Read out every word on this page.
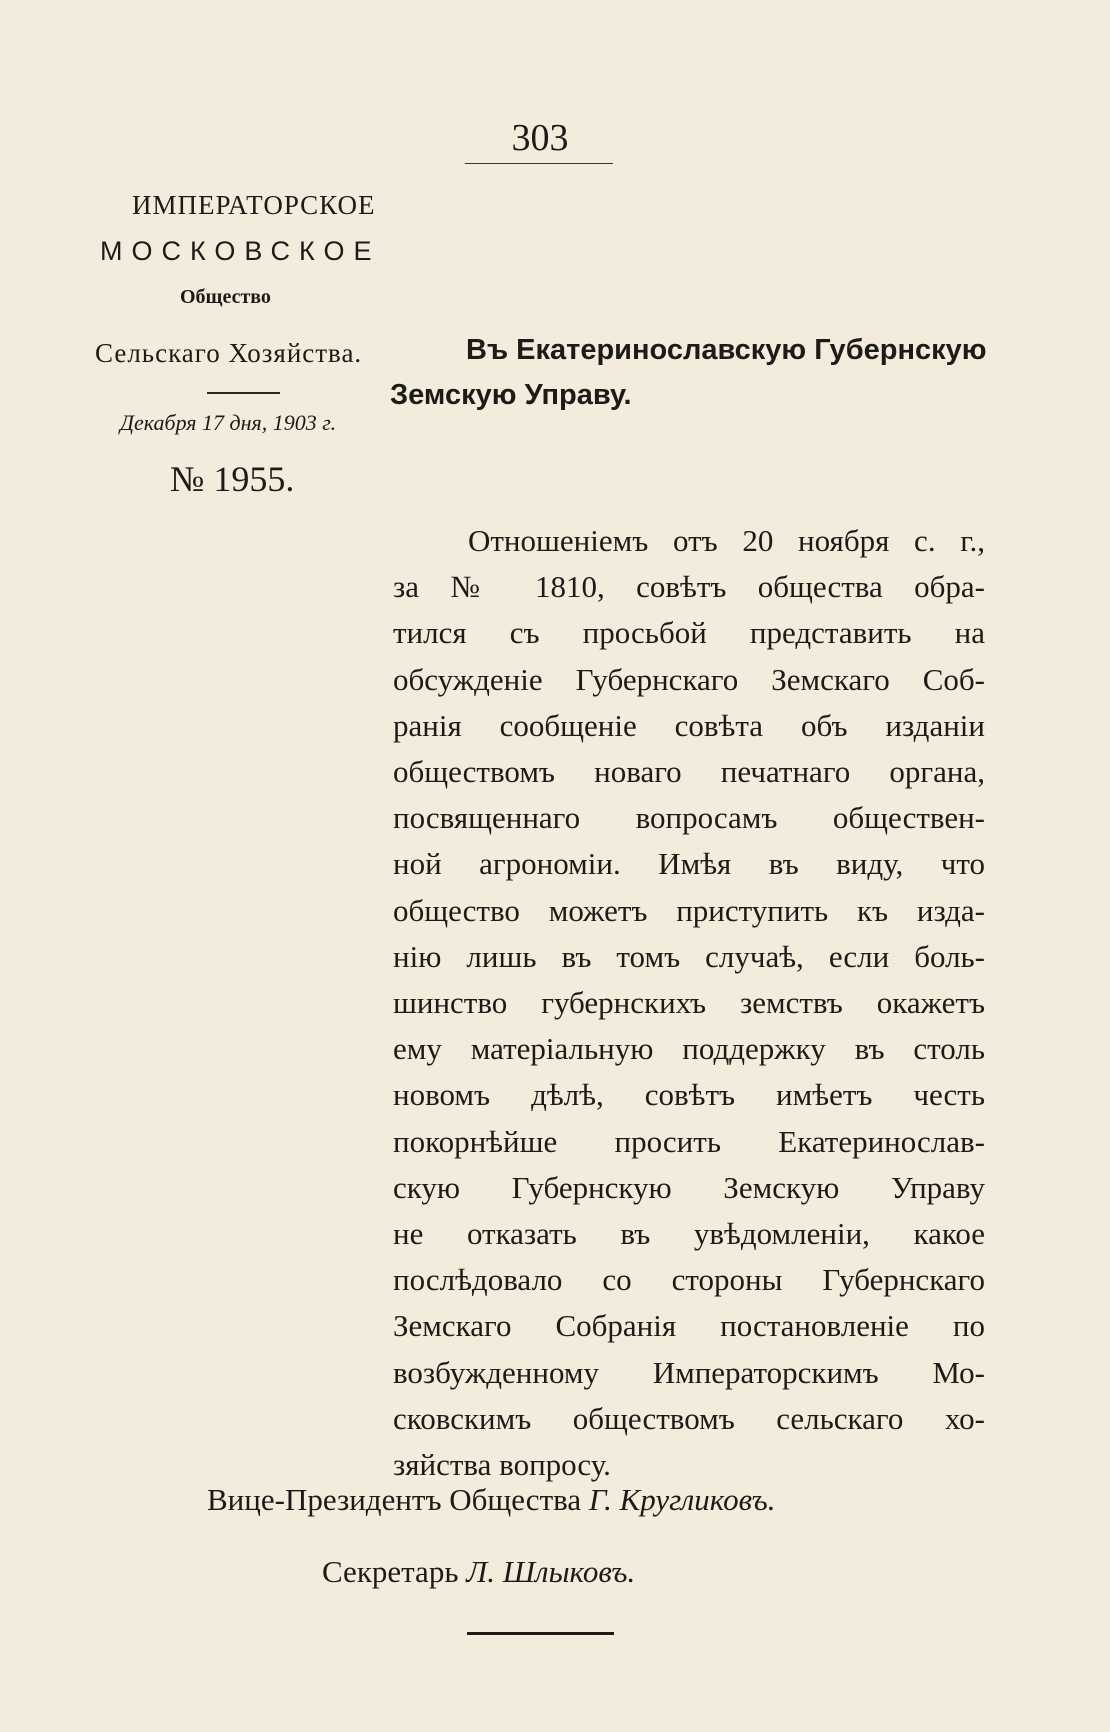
303
ИМПЕРАТОРСКОЕ
МОСКОВСКОЕ
Общество
Сельскаго Хозяйства.
Декабря 17 дня, 1903 г.
№ 1955.
Въ Екатеринославскую Губернскую
Земскую Управу.
Отношеніемъ отъ 20 ноября с. г.,
за № 1810, совѣтъ общества обра-
тился съ просьбой представить на
обсужденіе Губернскаго Земскаго Соб-
ранія сообщеніе совѣта объ изданіи
обществомъ новаго печатнаго органа,
посвященнаго вопросамъ обществен-
ной агрономіи. Имѣя въ виду, что
общество можетъ приступить къ изда-
нію лишь въ томъ случаѣ, если боль-
шинство губернскихъ земствъ окажетъ
ему матеріальную поддержку въ столь
новомъ дѣлѣ, совѣтъ имѣетъ честь
покорнѣйше просить Екатеринослав-
скую Губернскую Земскую Управу
не отказать въ увѣдомленіи, какое
послѣдовало со стороны Губернскаго
Земскаго Собранія постановленіе по
возбужденному Императорскимъ Мо-
сковскимъ обществомъ сельскаго хо-
зяйства вопросу.
Вице-Президентъ Общества Г. Кругликовъ.
Секретарь Л. Шлыковъ.
